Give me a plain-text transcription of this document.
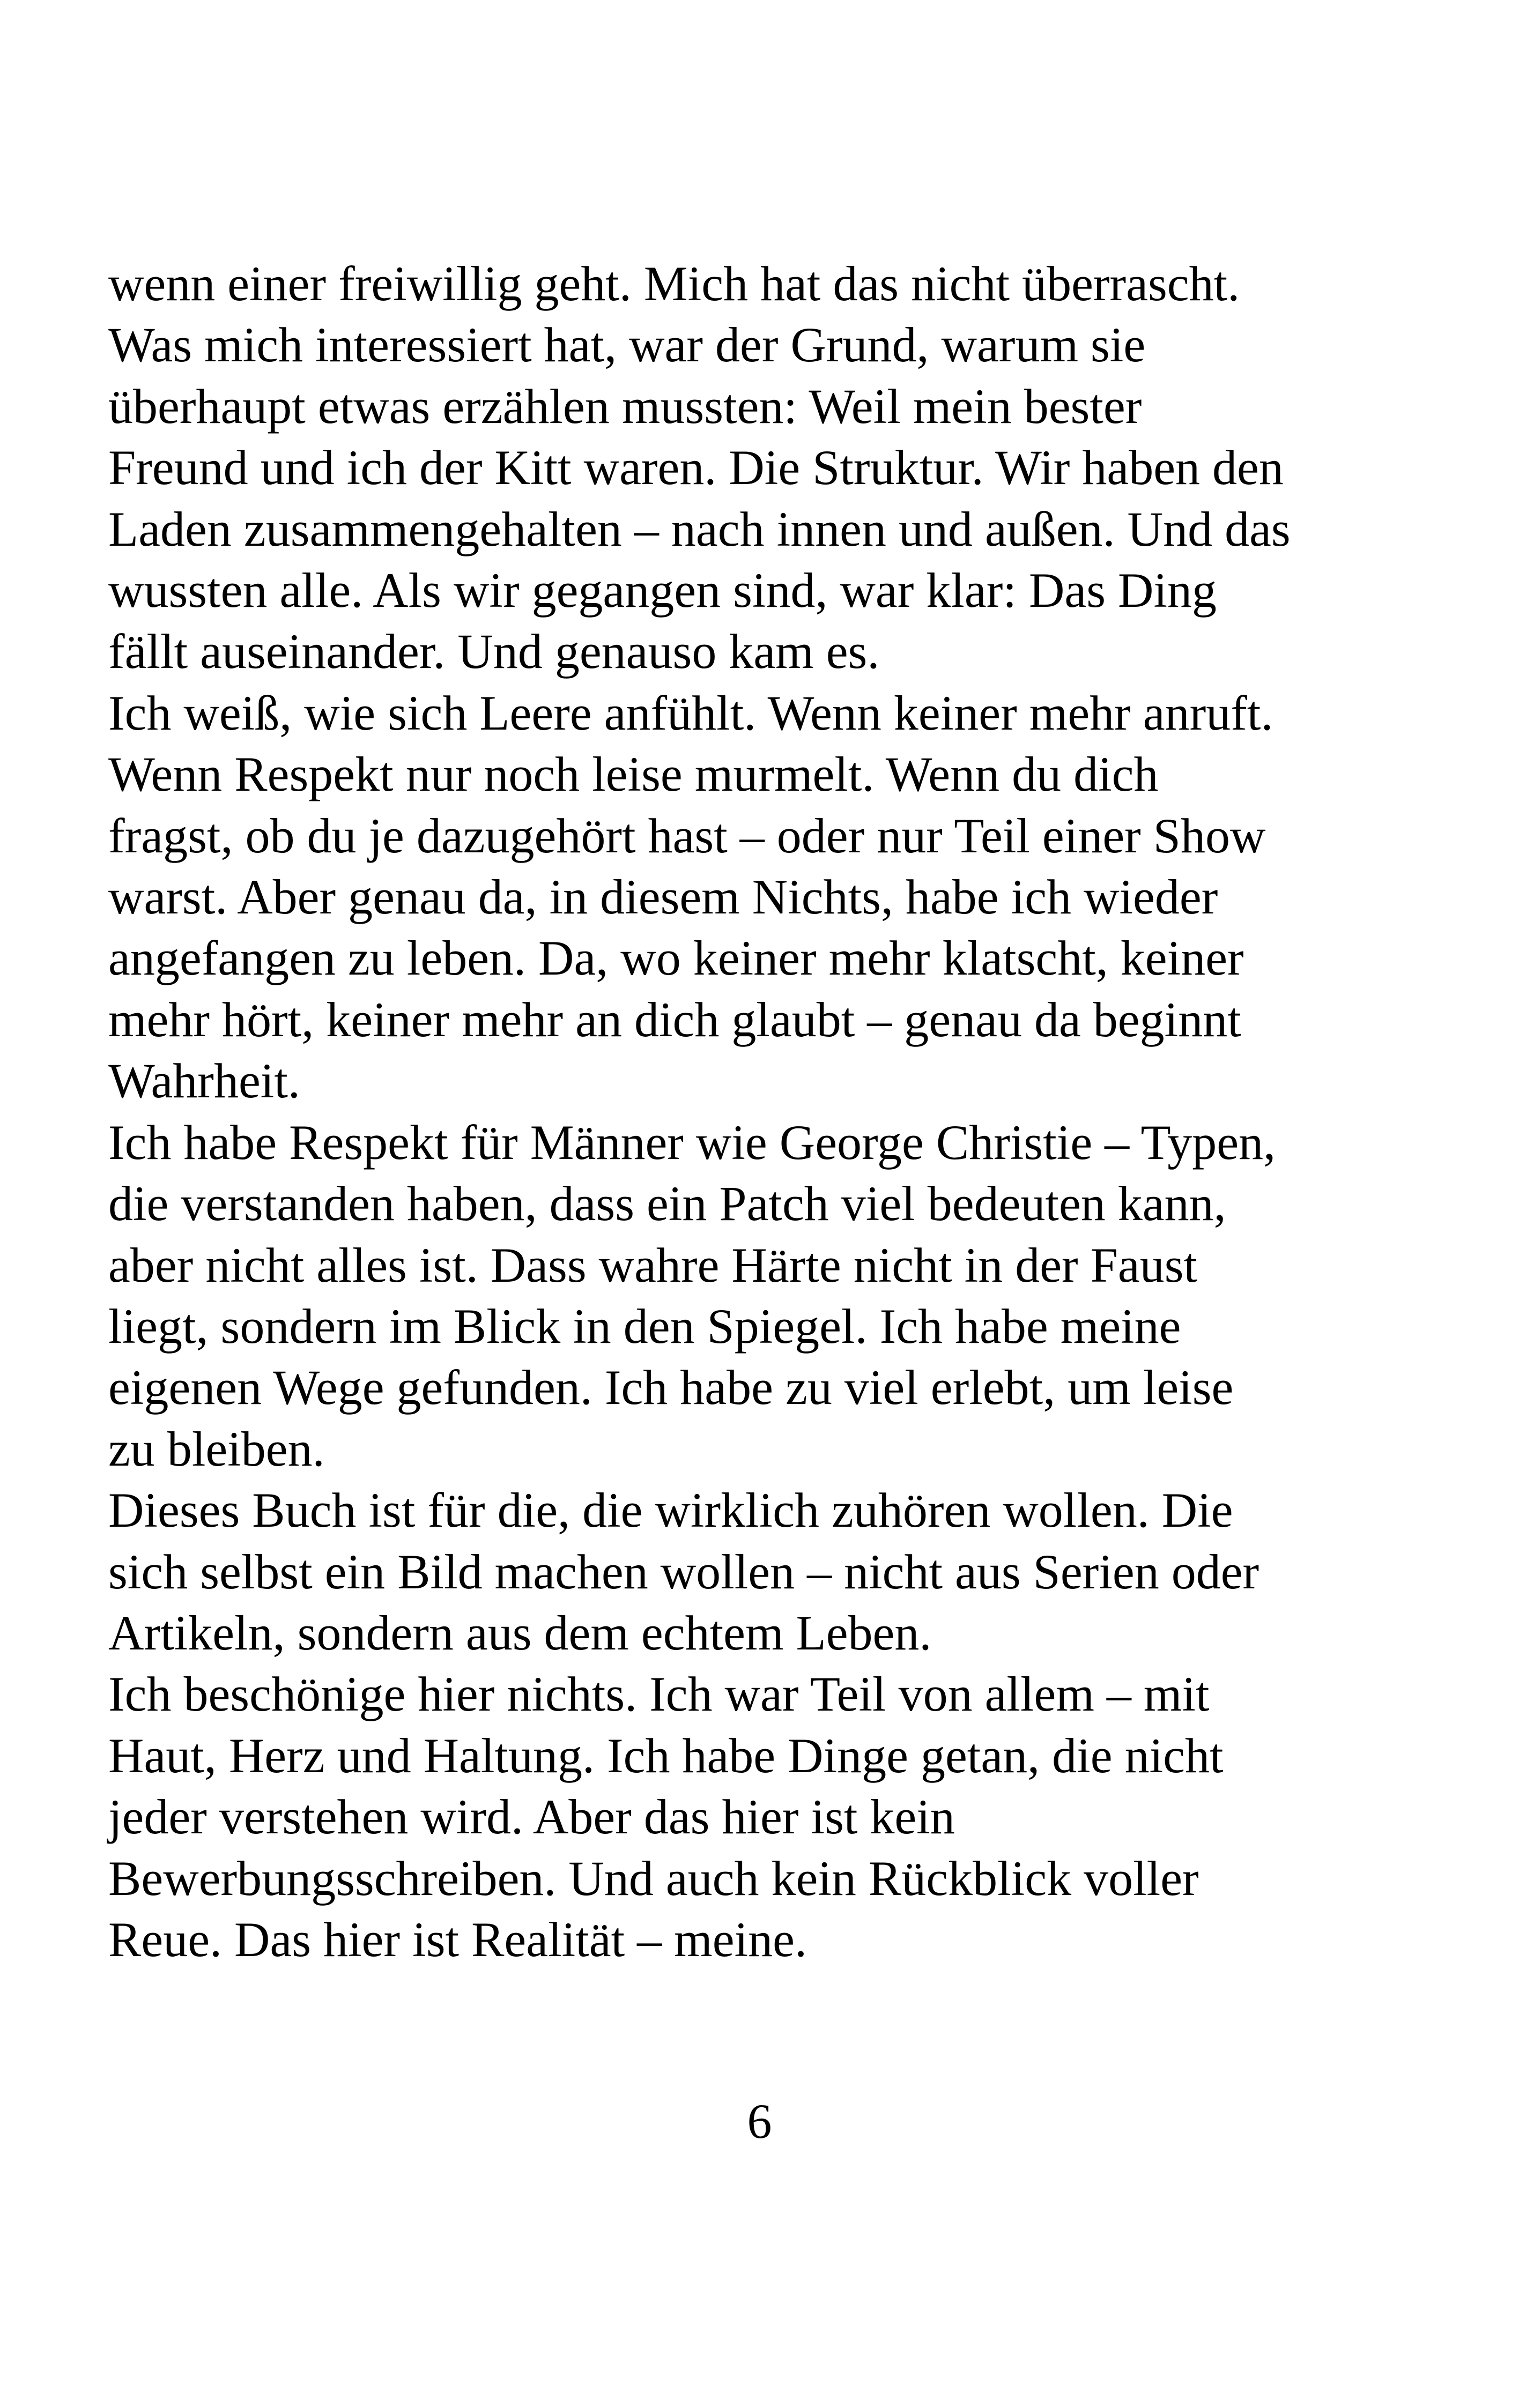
wenn einer freiwillig geht. Mich hat das nicht überrascht.
Was mich interessiert hat, war der Grund, warum sie
überhaupt etwas erzählen mussten: Weil mein bester
Freund und ich der Kitt waren. Die Struktur. Wir haben den
Laden zusammengehalten – nach innen und außen. Und das
wussten alle. Als wir gegangen sind, war klar: Das Ding
fällt auseinander. Und genauso kam es.
Ich weiß, wie sich Leere anfühlt. Wenn keiner mehr anruft.
Wenn Respekt nur noch leise murmelt. Wenn du dich
fragst, ob du je dazugehört hast – oder nur Teil einer Show
warst. Aber genau da, in diesem Nichts, habe ich wieder
angefangen zu leben. Da, wo keiner mehr klatscht, keiner
mehr hört, keiner mehr an dich glaubt – genau da beginnt
Wahrheit.
Ich habe Respekt für Männer wie George Christie – Typen,
die verstanden haben, dass ein Patch viel bedeuten kann,
aber nicht alles ist. Dass wahre Härte nicht in der Faust
liegt, sondern im Blick in den Spiegel. Ich habe meine
eigenen Wege gefunden. Ich habe zu viel erlebt, um leise
zu bleiben.
Dieses Buch ist für die, die wirklich zuhören wollen. Die
sich selbst ein Bild machen wollen – nicht aus Serien oder
Artikeln, sondern aus dem echtem Leben.
Ich beschönige hier nichts. Ich war Teil von allem – mit
Haut, Herz und Haltung. Ich habe Dinge getan, die nicht
jeder verstehen wird. Aber das hier ist kein
Bewerbungsschreiben. Und auch kein Rückblick voller
Reue. Das hier ist Realität – meine.
6
